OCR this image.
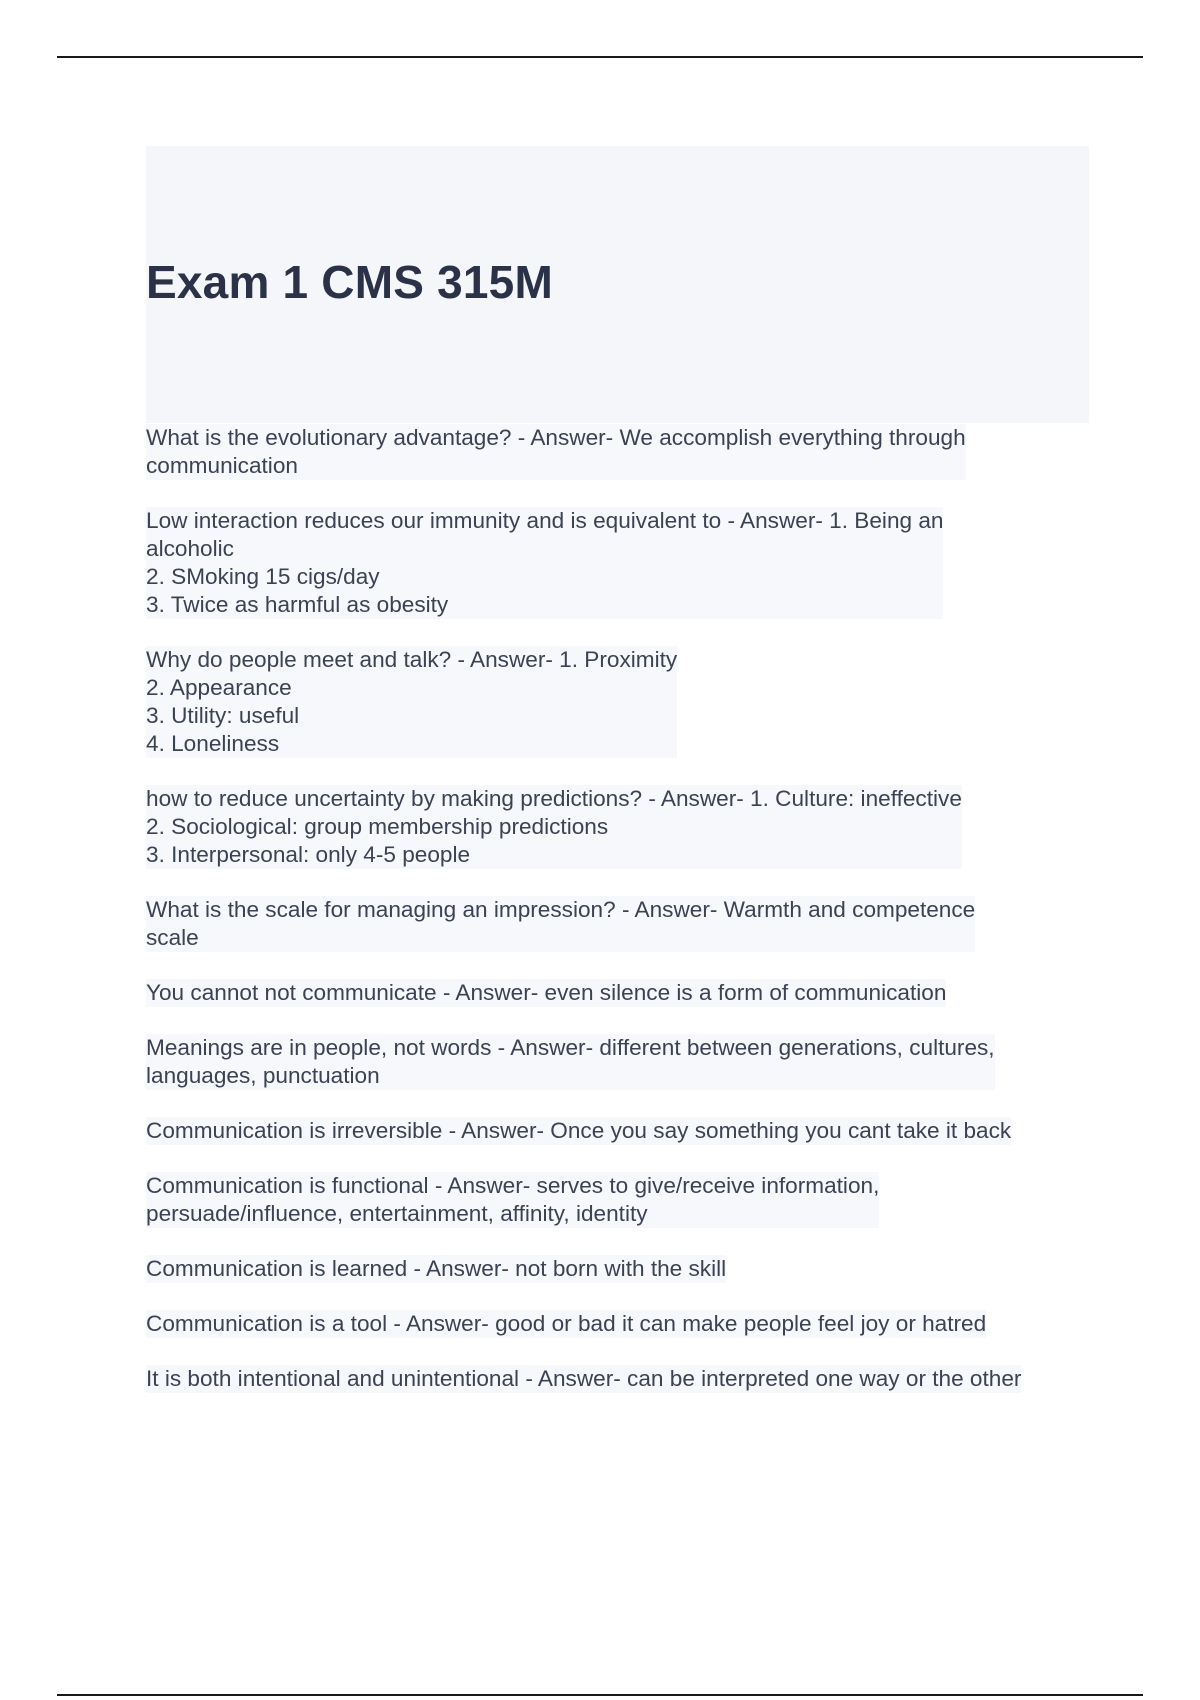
Exam 1 CMS 315M
What is the evolutionary advantage? - Answer- We accomplish everything through
communication
Low interaction reduces our immunity and is equivalent to - Answer- 1. Being an
alcoholic
2. SMoking 15 cigs/day
3. Twice as harmful as obesity
Why do people meet and talk? - Answer- 1. Proximity
2. Appearance
3. Utility: useful
4. Loneliness
how to reduce uncertainty by making predictions? - Answer- 1. Culture: ineffective
2. Sociological: group membership predictions
3. Interpersonal: only 4-5 people
What is the scale for managing an impression? - Answer- Warmth and competence
scale
You cannot not communicate - Answer- even silence is a form of communication
Meanings are in people, not words - Answer- different between generations, cultures,
languages, punctuation
Communication is irreversible - Answer- Once you say something you cant take it back
Communication is functional - Answer- serves to give/receive information,
persuade/influence, entertainment, affinity, identity
Communication is learned - Answer- not born with the skill
Communication is a tool - Answer- good or bad it can make people feel joy or hatred
It is both intentional and unintentional - Answer- can be interpreted one way or the other
